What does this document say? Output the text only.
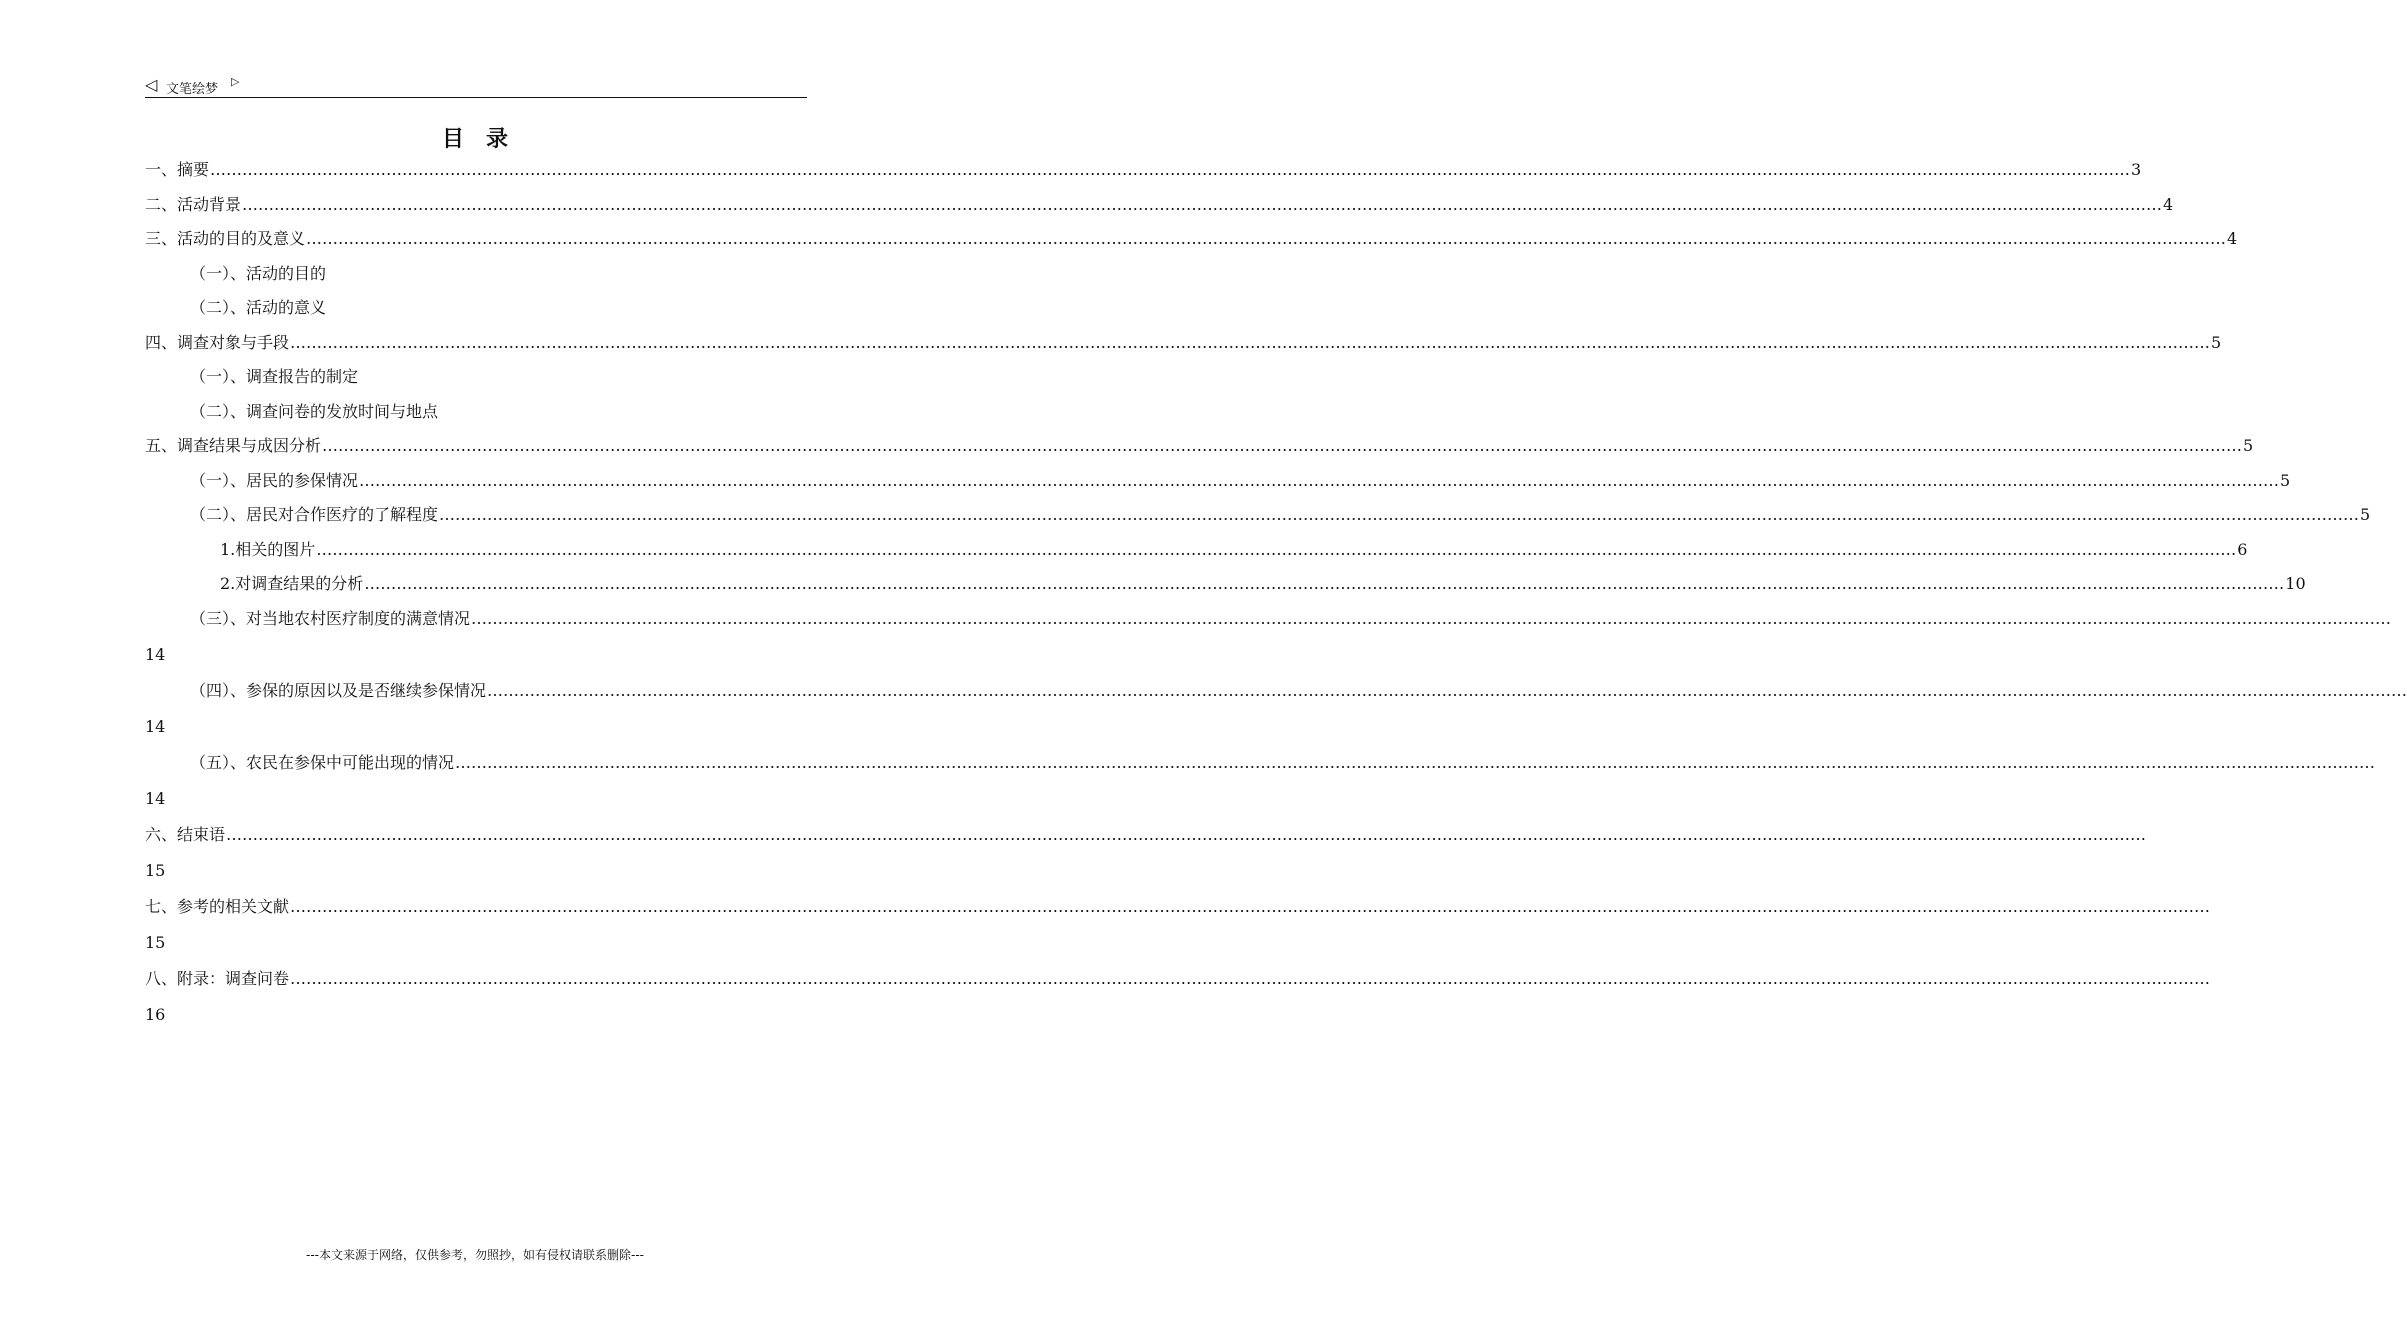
◁ 文笔绘梦
▷
目录
一、摘要 ……………………………………………………………………………………………………………………………………………………………………………………………………………………………………………………………………………………………………………………………… 3
二、活动背景 ……………………………………………………………………………………………………………………………………………………………………………………………………………………………………………………………………………………………………………………………… 4
三、活动的目的及意义 ……………………………………………………………………………………………………………………………………………………………………………………………………………………………………………………………………………………………………………………………… 4
（一）、活动的目的
（二）、活动的意义
四、调查对象与手段 ……………………………………………………………………………………………………………………………………………………………………………………………………………………………………………………………………………………………………………………………… 5
（一）、调查报告的制定
（二）、调查问卷的发放时间与地点
五、调查结果与成因分析 ……………………………………………………………………………………………………………………………………………………………………………………………………………………………………………………………………………………………………………………………… 5
（一）、居民的参保情况 ……………………………………………………………………………………………………………………………………………………………………………………………………………………………………………………………………………………………………………………………… 5
（二）、居民对合作医疗的了解程度 ……………………………………………………………………………………………………………………………………………………………………………………………………………………………………………………………………………………………………………………………… 5
1.相关的图片 ……………………………………………………………………………………………………………………………………………………………………………………………………………………………………………………………………………………………………………………………… 6
2.对调查结果的分析 ……………………………………………………………………………………………………………………………………………………………………………………………………………………………………………………………………………………………………………………………… 10
（三）、对当地农村医疗制度的满意情况 ………………………………………………………………………………………………………………………………………………………………………………………………………………………………………………………………………………………………………………………………
14
（四）、参保的原因以及是否继续参保情况 ………………………………………………………………………………………………………………………………………………………………………………………………………………………………………………………………………………………………………………………………
14
（五）、农民在参保中可能出现的情况 ………………………………………………………………………………………………………………………………………………………………………………………………………………………………………………………………………………………………………………………………
14
六、结束语 ………………………………………………………………………………………………………………………………………………………………………………………………………………………………………………………………………………………………………………………………
15
七、参考的相关文献 ………………………………………………………………………………………………………………………………………………………………………………………………………………………………………………………………………………………………………………………………
15
八、附录：调查问卷 ………………………………………………………………………………………………………………………………………………………………………………………………………………………………………………………………………………………………………………………………
16
---本文来源于网络，仅供参考，勿照抄，如有侵权请联系删除---
